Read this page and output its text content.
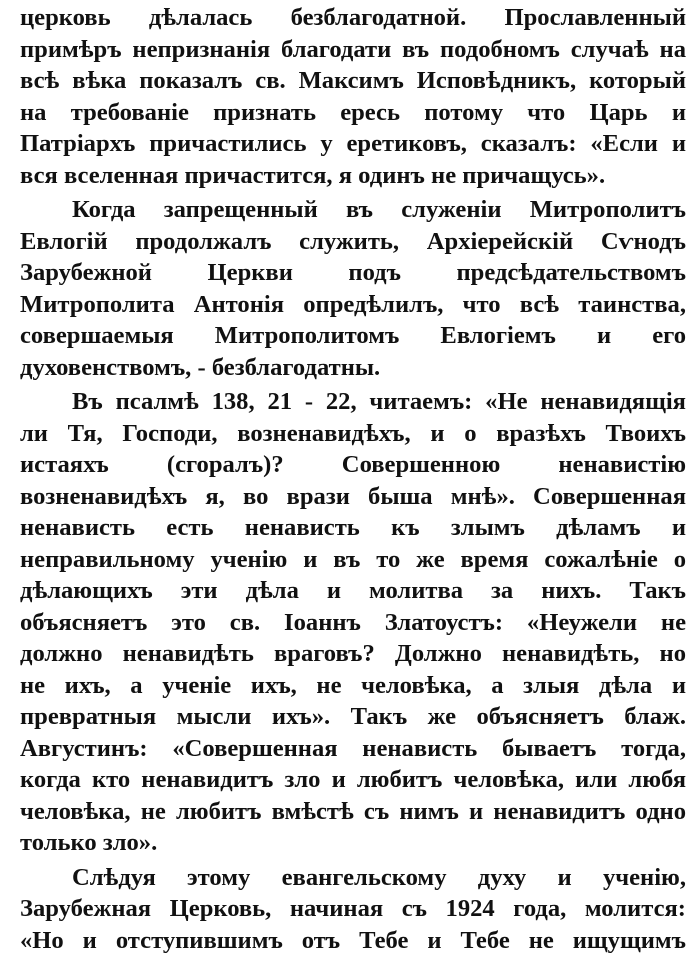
церковь дѣлалась безблагодатной. Прославленный
примѣръ непризнанія благодати въ подобномъ случаѣ на
всѣ вѣка показалъ св. Максимъ Исповѣдникъ, который
на требованіе признать ересь потому что Царь и
Патріархъ причастились у еретиковъ, сказалъ: «Если и
вся вселенная причастится, я одинъ не причащусь».
Когда запрещенный въ служеніи Митрополитъ
Евлогій продолжалъ служить, Архіерейскій Сѵнодъ
Зарубежной Церкви подъ предсѣдательствомъ
Митрополита Антонія опредѣлилъ, что всѣ таинства,
совершаемыя Митрополитомъ Евлогіемъ и его
духовенствомъ, - безблагодатны.
Въ псалмѣ 138, 21 - 22, читаемъ: «Не ненавидящія
ли Тя, Господи, возненавидѣхъ, и о вразѣхъ Твоихъ
истаяхъ (сгоралъ)? Совершенною ненавистію
возненавидѣхъ я, во врази быша мнѣ». Совершенная
ненависть есть ненависть къ злымъ дѣламъ и
неправильному ученію и въ то же время сожалѣніе о
дѣлающихъ эти дѣла и молитва за нихъ. Такъ
объясняетъ это св. Іоаннъ Златоустъ: «Неужели не
должно ненавидѣть враговъ? Должно ненавидѣть, но
не ихъ, а ученіе ихъ, не человѣка, а злыя дѣла и
превратныя мысли ихъ». Такъ же объясняетъ блаж.
Августинъ: «Совершенная ненависть бываетъ тогда,
когда кто ненавидитъ зло и любитъ человѣка, или любя
человѣка, не любитъ вмѣстѣ съ нимъ и ненавидитъ одно
только зло».
Слѣдуя этому евангельскому духу и ученію,
Зарубежная Церковь, начиная съ 1924 года, молится:
«Но и отступившимъ отъ Тебе и Тебе не ищущимъ
